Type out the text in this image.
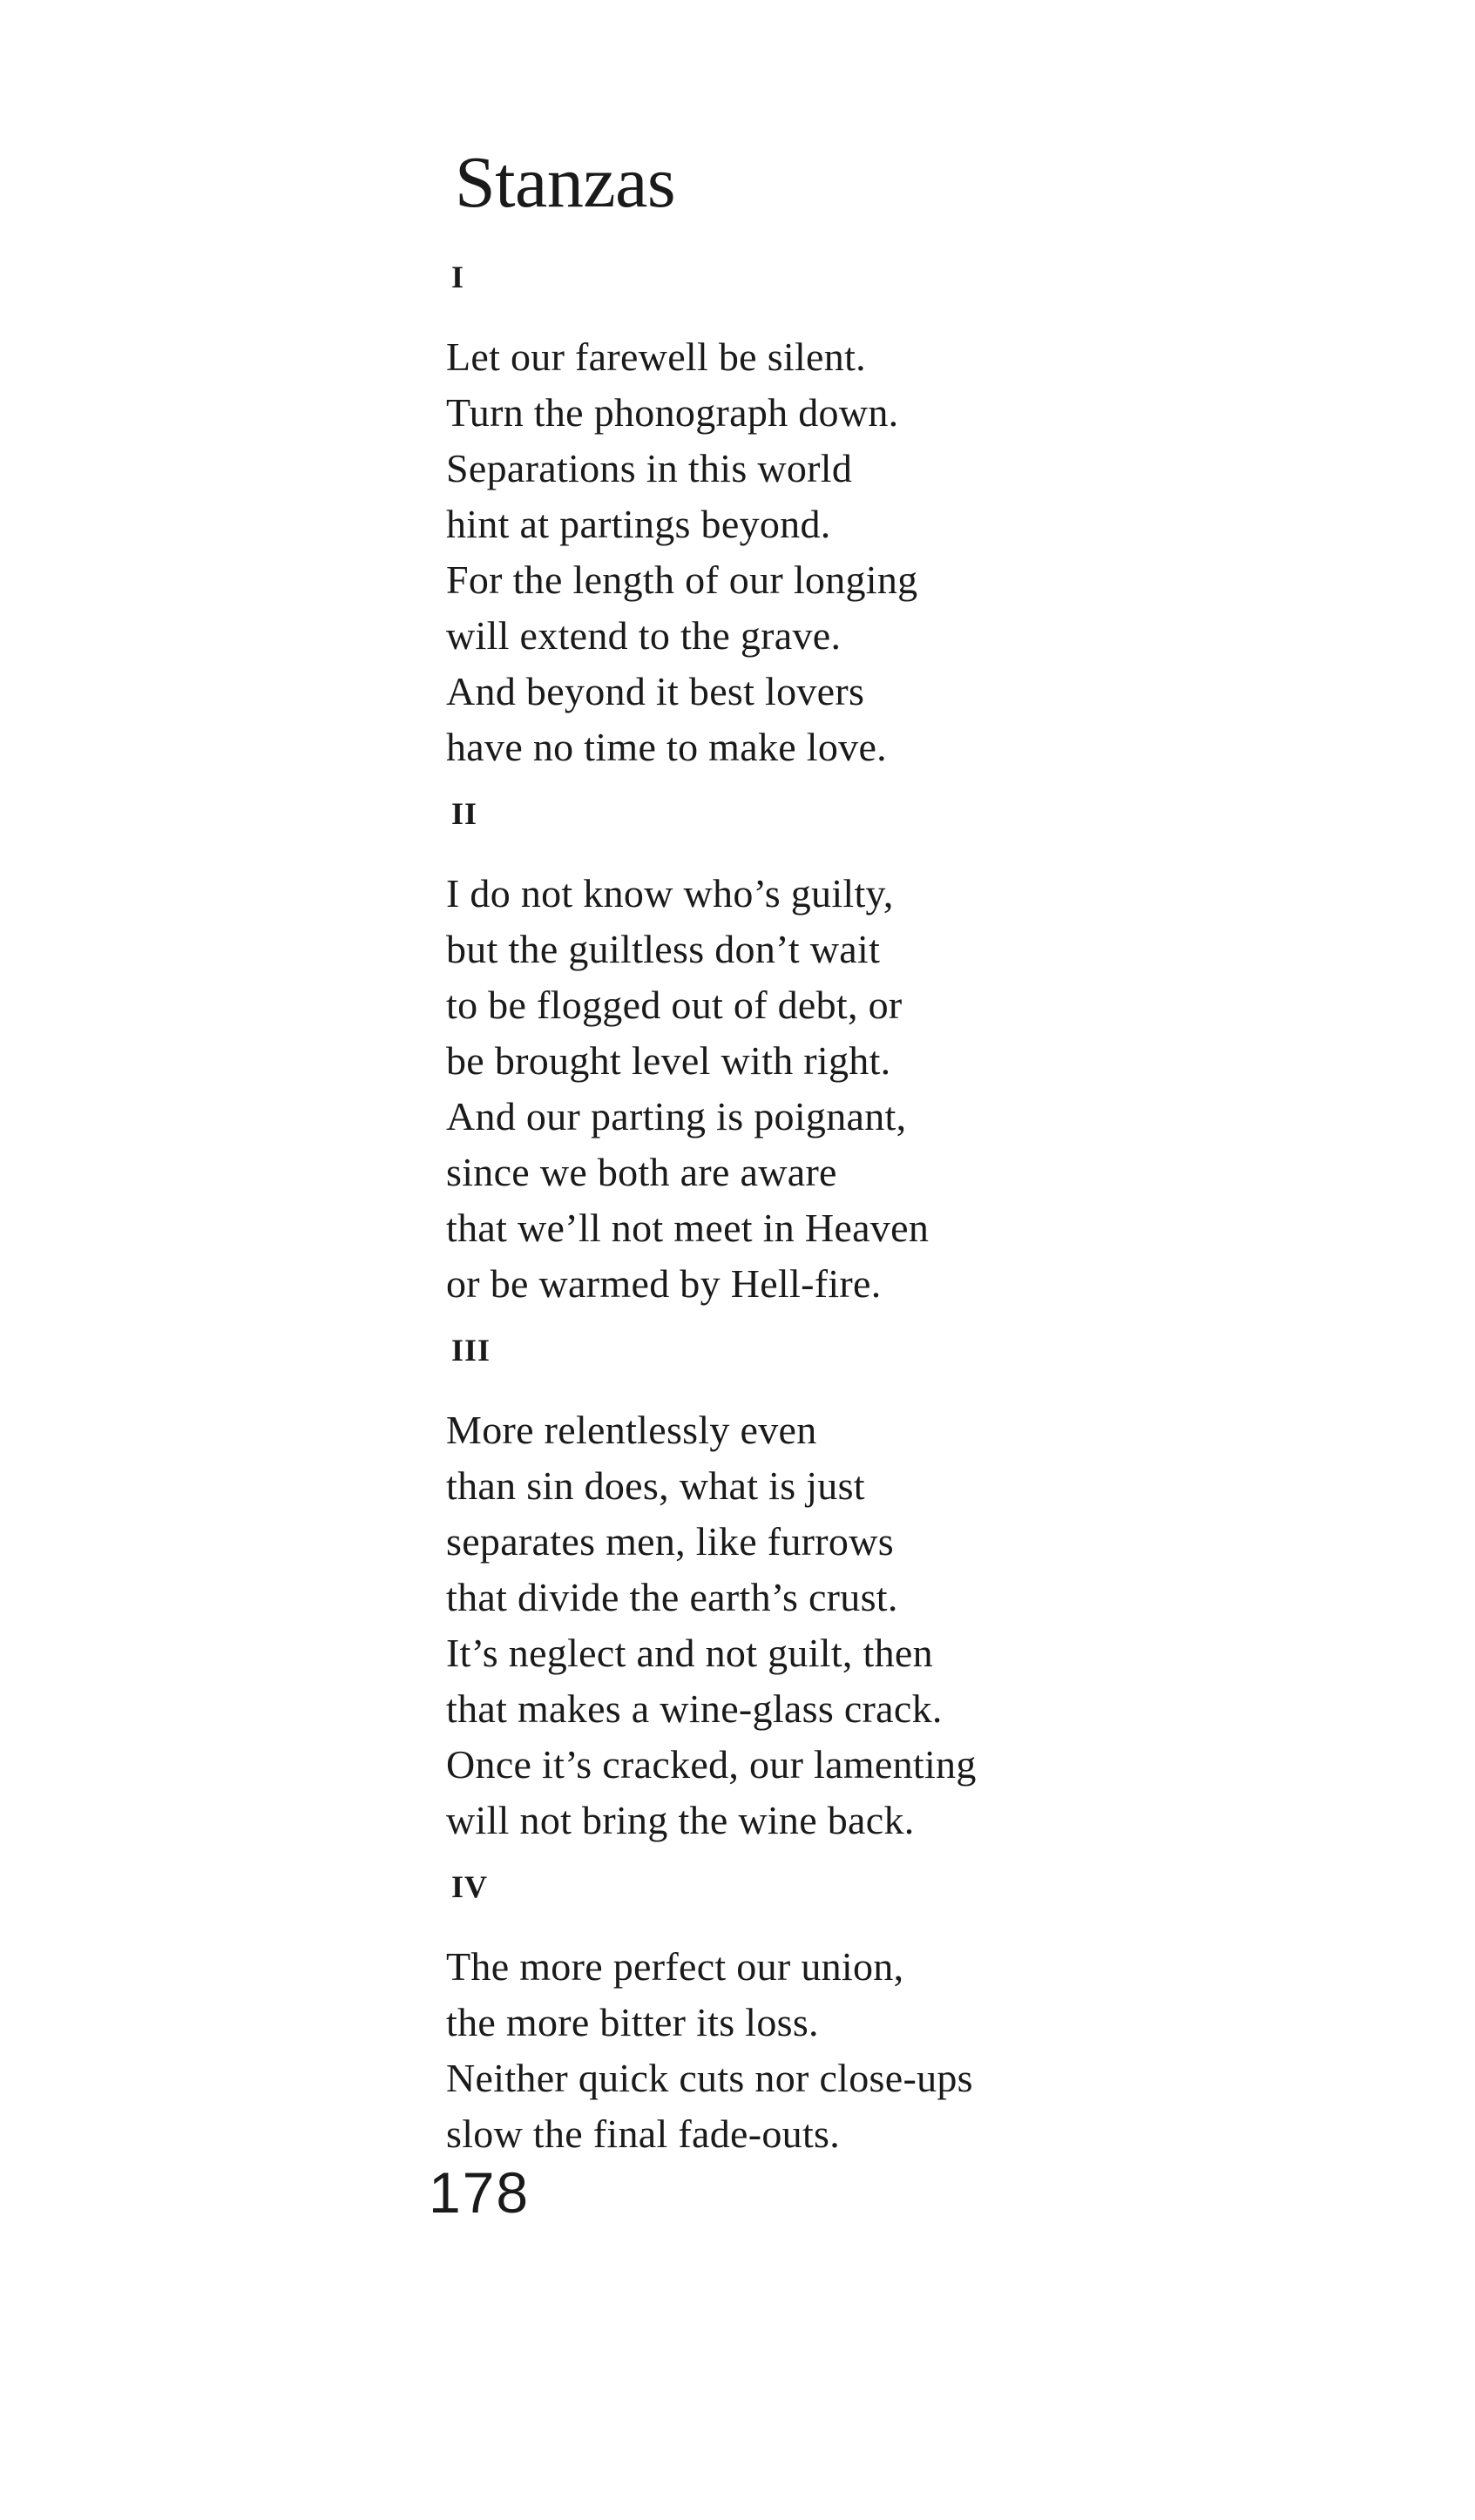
Stanzas
I
Let our farewell be silent.
Turn the phonograph down.
Separations in this world
hint at partings beyond.
For the length of our longing
will extend to the grave.
And beyond it best lovers
have no time to make love.
II
I do not know who’s guilty,
but the guiltless don’t wait
to be flogged out of debt, or
be brought level with right.
And our parting is poignant,
since we both are aware
that we’ll not meet in Heaven
or be warmed by Hell-fire.
III
More relentlessly even
than sin does, what is just
separates men, like furrows
that divide the earth’s crust.
It’s neglect and not guilt, then
that makes a wine-glass crack.
Once it’s cracked, our lamenting
will not bring the wine back.
IV
The more perfect our union,
the more bitter its loss.
Neither quick cuts nor close-ups
slow the final fade-outs.
178
